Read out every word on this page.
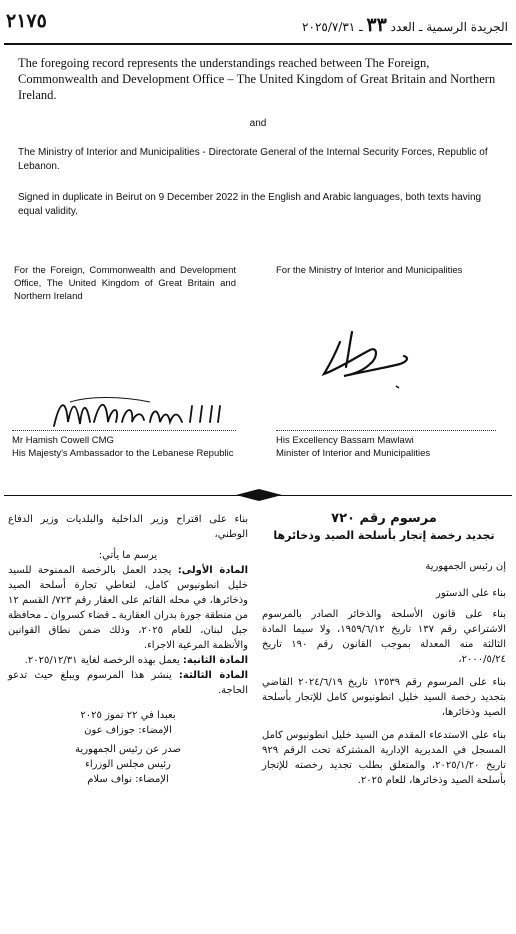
٢١٧٥	الجريدة الرسمية ـ العدد ٣٣ ـ ٢٠٢٥/٧/٣١
The foregoing record represents the understandings reached between The Foreign, Commonwealth and Development Office – The United Kingdom of Great Britain and Northern Ireland.
and
The Ministry of Interior and Municipalities - Directorate General of the Internal Security Forces, Republic of Lebanon.
Signed in duplicate in Beirut on 9 December 2022 in the English and Arabic languages, both texts having equal validity.
For the Foreign, Commonwealth and Development Office, The United Kingdom of Great Britain and Northern Ireland
For the Ministry of Interior and Municipalities
Mr Hamish Cowell CMG
His Majesty's Ambassador to the Lebanese Republic
His Excellency Bassam Mawlawi
Minister of Interior and Municipalities
مرسوم رقم ٧٢٠
تجديد رخصة إتجار بأسلحة الصيد وذخائرها

إن رئيس الجمهورية

بناء على الدستور

بناء على قانون الأسلحة والذخائر الصادر بالمرسوم الاشتراعي رقم ١٣٧ تاريخ ١٩٥٩/٦/١٢، ولا سيما المادة الثالثة منه المعدلة بموجب القانون رقم ١٩٠ تاريخ ٢٠٠٠/٥/٢٤،

بناء على المرسوم رقم ١٣٥٣٩ تاريخ ٢٠٢٤/٦/١٩ القاضي بتجديد رخصة السيد خليل انطونيوس كامل للإتجار بأسلحة الصيد وذخائرها،

بناء على الاستدعاء المقدم من السيد خليل انطونيوس كامل المسجل في المديرية الإدارية المشتركة تحت الرقم ٩٢٩ تاريخ ٢٠٢٥/١/٢٠، والمتعلق بطلب تجديد رخصته للإتجار بأسلحة الصيد وذخائرها، للعام ٢٠٢٥.

بناء على اقتراح وزير الداخلية والبلديات وزير الدفاع الوطني،

يرسم ما يأتي:

المادة الأولى: يجدد العمل بالرخصة الممنوحة للسيد خليل انطونيوس كامل، لتعاطي تجارة أسلحة الصيد وذخائرها، في محله القائم على العقار رقم ٧٢٣/ القسم ١٢ من منطقة جورة بدران العقارية ـ قضاء كسروان ـ محافظة جبل لبنان، للعام ٢٠٢٥، وذلك ضمن نطاق القوانين والأنظمة المرعية الاجراء.

المادة الثانية: يعمل بهذه الرخصة لغاية ٢٠٢٥/١٢/٣١.

المادة الثالثة: ينشر هذا المرسوم ويبلغ حيث تدعو الحاجة.

بعبدا في ٢٢ تموز ٢٠٢٥

الإمضاء: جوزاف عون

صدر عن رئيس الجمهورية

رئيس مجلس الوزراء

الإمضاء: نواف سلام
